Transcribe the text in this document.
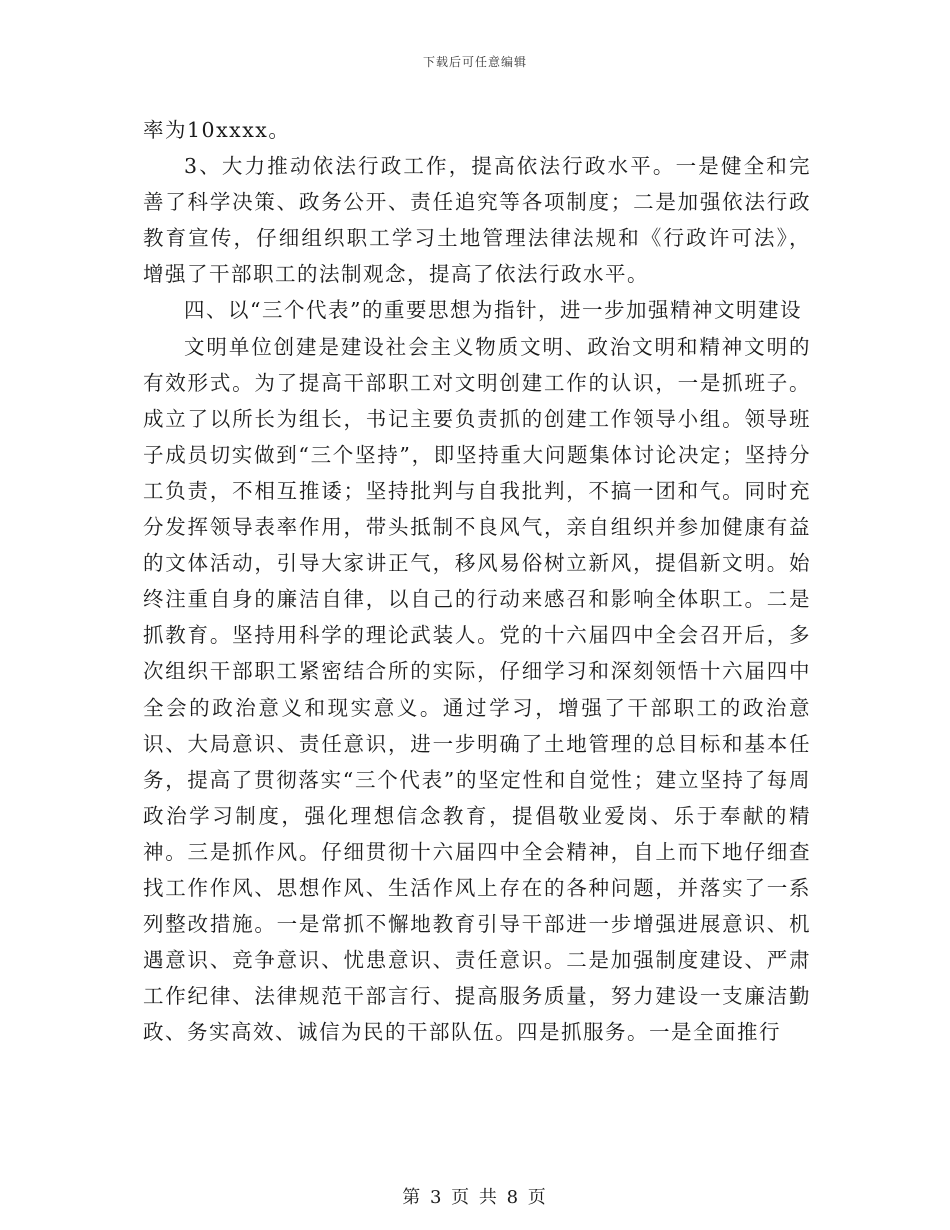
下载后可任意编辑

率为10xxxx。

3、大力推动依法行政工作，提高依法行政水平。一是健全和完善了科学决策、政务公开、责任追究等各项制度；二是加强依法行政教育宣传，仔细组织职工学习土地管理法律法规和《行政许可法》，增强了干部职工的法制观念，提高了依法行政水平。

四、以“三个代表”的重要思想为指针，进一步加强精神文明建设

文明单位创建是建设社会主义物质文明、政治文明和精神文明的有效形式。为了提高干部职工对文明创建工作的认识，一是抓班子。成立了以所长为组长，书记主要负责抓的创建工作领导小组。领导班子成员切实做到“三个坚持”，即坚持重大问题集体讨论决定；坚持分工负责，不相互推诿；坚持批判与自我批判，不搞一团和气。同时充分发挥领导表率作用，带头抵制不良风气，亲自组织并参加健康有益的文体活动，引导大家讲正气，移风易俗树立新风，提倡新文明。始终注重自身的廉洁自律，以自己的行动来感召和影响全体职工。二是抓教育。坚持用科学的理论武装人。党的十六届四中全会召开后，多次组织干部职工紧密结合所的实际，仔细学习和深刻领悟十六届四中全会的政治意义和现实意义。通过学习，增强了干部职工的政治意识、大局意识、责任意识，进一步明确了土地管理的总目标和基本任务，提高了贯彻落实“三个代表”的坚定性和自觉性；建立坚持了每周政治学习制度，强化理想信念教育，提倡敬业爱岗、乐于奉献的精神。三是抓作风。仔细贯彻十六届四中全会精神，自上而下地仔细查找工作作风、思想作风、生活作风上存在的各种问题，并落实了一系列整改措施。一是常抓不懈地教育引导干部进一步增强进展意识、机遇意识、竞争意识、忧患意识、责任意识。二是加强制度建设、严肃工作纪律、法律规范干部言行、提高服务质量，努力建设一支廉洁勤政、务实高效、诚信为民的干部队伍。四是抓服务。一是全面推行

第 3 页 共 8 页
